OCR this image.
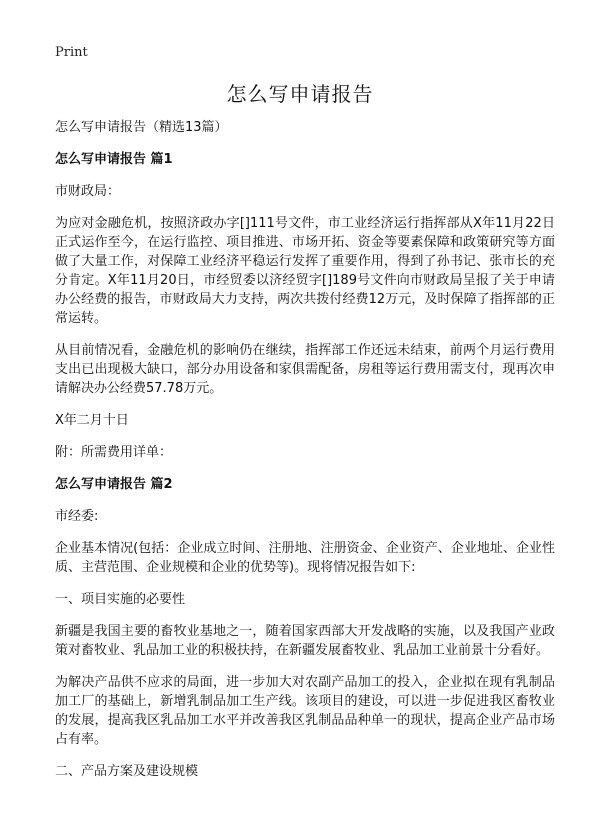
Print
怎么写申请报告

怎么写申请报告（精选13篇）

怎么写申请报告 篇1

市财政局：

为应对金融危机，按照济政办字[]111号文件，市工业经济运行指挥部从X年11月22日正式运作至今，在运行监控、项目推进、市场开拓、资金等要素保障和政策研究等方面做了大量工作，对保障工业经济平稳运行发挥了重要作用，得到了孙书记、张市长的充分肯定。X年11月20日，市经贸委以济经贸字[]189号文件向市财政局呈报了关于申请办公经费的报告，市财政局大力支持，两次共拨付经费12万元，及时保障了指挥部的正常运转。

从目前情况看，金融危机的影响仍在继续，指挥部工作还远未结束，前两个月运行费用支出已出现极大缺口，部分办用设备和家俱需配备，房租等运行费用需支付，现再次申请解决办公经费57.78万元。

X年二月十日

附：所需费用详单：

怎么写申请报告 篇2

市经委:

企业基本情况(包括：企业成立时间、注册地、注册资金、企业资产、企业地址、企业性质、主营范围、企业规模和企业的优势等)。现将情况报告如下:

一、项目实施的必要性

新疆是我国主要的畜牧业基地之一，随着国家西部大开发战略的实施，以及我国产业政策对畜牧业、乳品加工业的积极扶持，在新疆发展畜牧业、乳品加工业前景十分看好。

为解决产品供不应求的局面，进一步加大对农副产品加工的投入，企业拟在现有乳制品加工厂的基础上，新增乳制品加工生产线。该项目的建设，可以进一步促进我区畜牧业的发展，提高我区乳品加工水平并改善我区乳制品品种单一的现状，提高企业产品市场占有率。

二、产品方案及建设规模
